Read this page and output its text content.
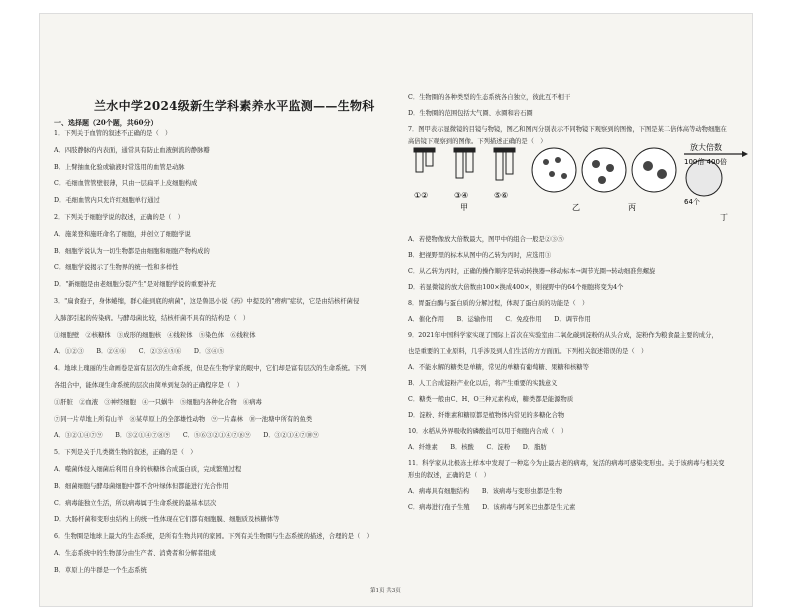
兰水中学2024级新生学科素养水平监测——生物科
一、选择题（20个题，共60分）
1．下列关于血管的叙述不正确的是（　）
A．四肢静脉的内表面，通常具有防止血液倒流的静脉瓣
B．上臂抽血化验或输液时常选用的血管是动脉
C．毛细血管管壁很薄，只由一层扁平上皮细胞构成
D．毛细血管内只允许红细胞单行通过
2．下列关于细胞学说的叙述，正确的是（　）
A．施莱登和施旺命名了细胞，并创立了细胞学说
B．细胞学说认为一切生物都是由细胞和细胞产物构成的
C．细胞学说揭示了生物界的统一性和多样性
D．"新细胞是由老细胞分裂产生"是对细胞学说的重要补充
3．"扁食孢子，身体蜷缩，群心能到底的病菌"，这是鲁迅小说《药》中提及的"痨病"症状，它是由结核杆菌侵
入肺部引起的传染病。与酵母菌比较，结核杆菌不具有的结构是（　）
①细胞壁　②核糖体　③成形的细胞核　④线粒体　⑤染色体　⑥线粒体
A．①②③　　B．②④⑥　　C．②③④⑤⑥　　D．③④⑤
4．地球上瑰丽的生命画卷是富有层次的生命系统，但是在生物学家的眼中，它们却是富有层次的生命系统。下列
各组合中，能体现生命系统的层次由简单到复杂的正确程序是（　）
①肝脏　②血液　③神经细胞　④一只蜗牛　⑤细胞内各种化合物　⑥病毒
⑦同一片草地上所有山羊　⑧某草原上的全部雄性动物　⑨一片森林　⑩一池塘中所有的鱼类
A．③②①④⑦⑨　　B．③②①④⑦⑧⑨　　C．⑤⑥③②①④⑦⑧⑨　　D．③②①④⑦⑩⑨
5．下列是关于几类微生物的叙述，正确的是（　）
A．噬菌体侵入细菌后利用自身的核糖体合成蛋白质，完成繁殖过程
B．细菌细胞与酵母菌细胞中都不含叶绿体但都能进行光合作用
C．病毒能独立生活，所以病毒属于生命系统的最基本层次
D．大肠杆菌和变形虫结构上的统一性体现在它们都有细胞膜、细胞质及核糖体等
6．生物圈是地球上最大的生态系统，是所有生物共同的家园。下列有关生物圈与生态系统的描述，合理的是（　）
A．生态系统中的生物部分由生产者、消费者和分解者组成
B．草原上的牛群是一个生态系统
①②	③④	⑤⑥
甲	乙	丙
放大倍数
100倍 400倍
64个
丁
C．生物圈的各种类型的生态系统各自独立，彼此互不相干
D．生物圈的范围包括大气圈、水圈和岩石圈
7．图甲表示显微镜的目镜与物镜，图乙和图丙分别表示不同物镜下观察到的图像，下图是某二倍体高等动物细胞在
高倍镜下观察到的图像。下列描述正确的是（　）
A．若使物像放大倍数最大，图甲中的组合一般是②③⑤
B．把视野里的标本从图中的乙转为丙时，应选用③
C．从乙转为丙时，正确的操作顺序是转动转换器→移动标本→调节光圈→转动细准焦螺旋
D．若显微镜的放大倍数由100×换成400×，则视野中的64个细胞将变为4个
8．胃蛋白酶与蛋白质的分解过程，体现了蛋白质的功能是（　）
A．催化作用　　B．运输作用　　C．免疫作用　　D．调节作用
9．2021年中国科学家实现了国际上首次在实验室由二氧化碳到淀粉的从头合成，淀粉作为粮食最主要的成分，
也是重要的工业原料，几乎涉及到人们生活的方方面面。下列相关叙述错误的是（　）
A．不能水解的糖类是单糖，常见的单糖有葡萄糖、果糖和核糖等
B．人工合成淀粉产业化以后，将产生重要的实践意义
C．糖类一般由C、H、O三种元素构成，糖类都是能源物质
D．淀粉、纤维素和糖原都是植物体内常见的多糖化合物
10．水稻从外界吸收的磷酸盐可以用于细胞内合成（　）
A．纤维素　　B．核酸　　C．淀粉　　D．脂肪
11．科学家从北极冻土样本中发现了一种迄今为止最古老的病毒，复活的病毒可感染变形虫。关于该病毒与相关变
形虫的叙述，正确的是（　）
A．病毒具有细胞结构　　B．该病毒与变形虫都是生物
C．病毒进行孢子生殖　　D．该病毒与阿米巴虫都是生元素
第1页 共3页
